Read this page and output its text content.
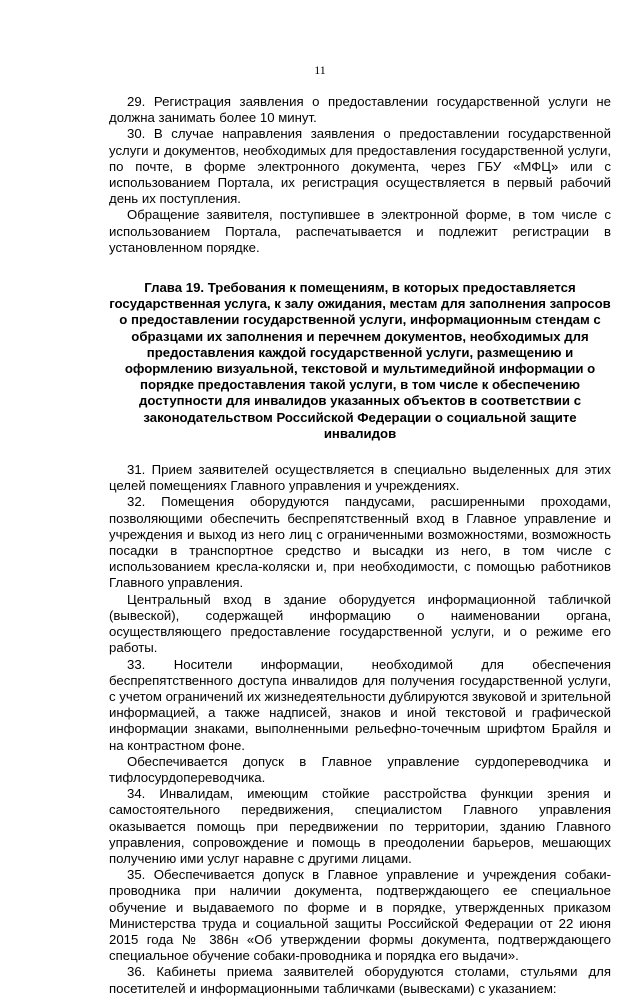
11

29. Регистрация заявления о предоставлении государственной услуги не должна занимать более 10 минут.

30. В случае направления заявления о предоставлении государственной услуги и документов, необходимых для предоставления государственной услуги, по почте, в форме электронного документа, через ГБУ «МФЦ» или с использованием Портала, их регистрация осуществляется в первый рабочий день их поступления.

Обращение заявителя, поступившее в электронной форме, в том числе с использованием Портала, распечатывается и подлежит регистрации в установленном порядке.

Глава 19. Требования к помещениям, в которых предоставляется государственная услуга, к залу ожидания, местам для заполнения запросов о предоставлении государственной услуги, информационным стендам с образцами их заполнения и перечнем документов, необходимых для предоставления каждой государственной услуги, размещению и оформлению визуальной, текстовой и мультимедийной информации о порядке предоставления такой услуги, в том числе к обеспечению доступности для инвалидов указанных объектов в соответствии с законодательством Российской Федерации о социальной защите инвалидов

31. Прием заявителей осуществляется в специально выделенных для этих целей помещениях Главного управления и учреждениях.

32. Помещения оборудуются пандусами, расширенными проходами, позволяющими обеспечить беспрепятственный вход в Главное управление и учреждения и выход из него лиц с ограниченными возможностями, возможность посадки в транспортное средство и высадки из него, в том числе с использованием кресла-коляски и, при необходимости, с помощью работников Главного управления.

Центральный вход в здание оборудуется информационной табличкой (вывеской), содержащей информацию о наименовании органа, осуществляющего предоставление государственной услуги, и о режиме его работы.

33. Носители информации, необходимой для обеспечения беспрепятственного доступа инвалидов для получения государственной услуги, с учетом ограничений их жизнедеятельности дублируются звуковой и зрительной информацией, а также надписей, знаков и иной текстовой и графической информации знаками, выполненными рельефно-точечным шрифтом Брайля и на контрастном фоне.

Обеспечивается допуск в Главное управление сурдопереводчика и тифлосурдопереводчика.

34. Инвалидам, имеющим стойкие расстройства функции зрения и самостоятельного передвижения, специалистом Главного управления оказывается помощь при передвижении по территории, зданию Главного управления, сопровождение и помощь в преодолении барьеров, мешающих получению ими услуг наравне с другими лицами.

35. Обеспечивается допуск в Главное управление и учреждения собаки-проводника при наличии документа, подтверждающего ее специальное обучение и выдаваемого по форме и в порядке, утвержденных приказом Министерства труда и социальной защиты Российской Федерации от 22 июня 2015 года № 386н «Об утверждении формы документа, подтверждающего специальное обучение собаки-проводника и порядка его выдачи».

36. Кабинеты приема заявителей оборудуются столами, стульями для посетителей и информационными табличками (вывесками) с указанием:
